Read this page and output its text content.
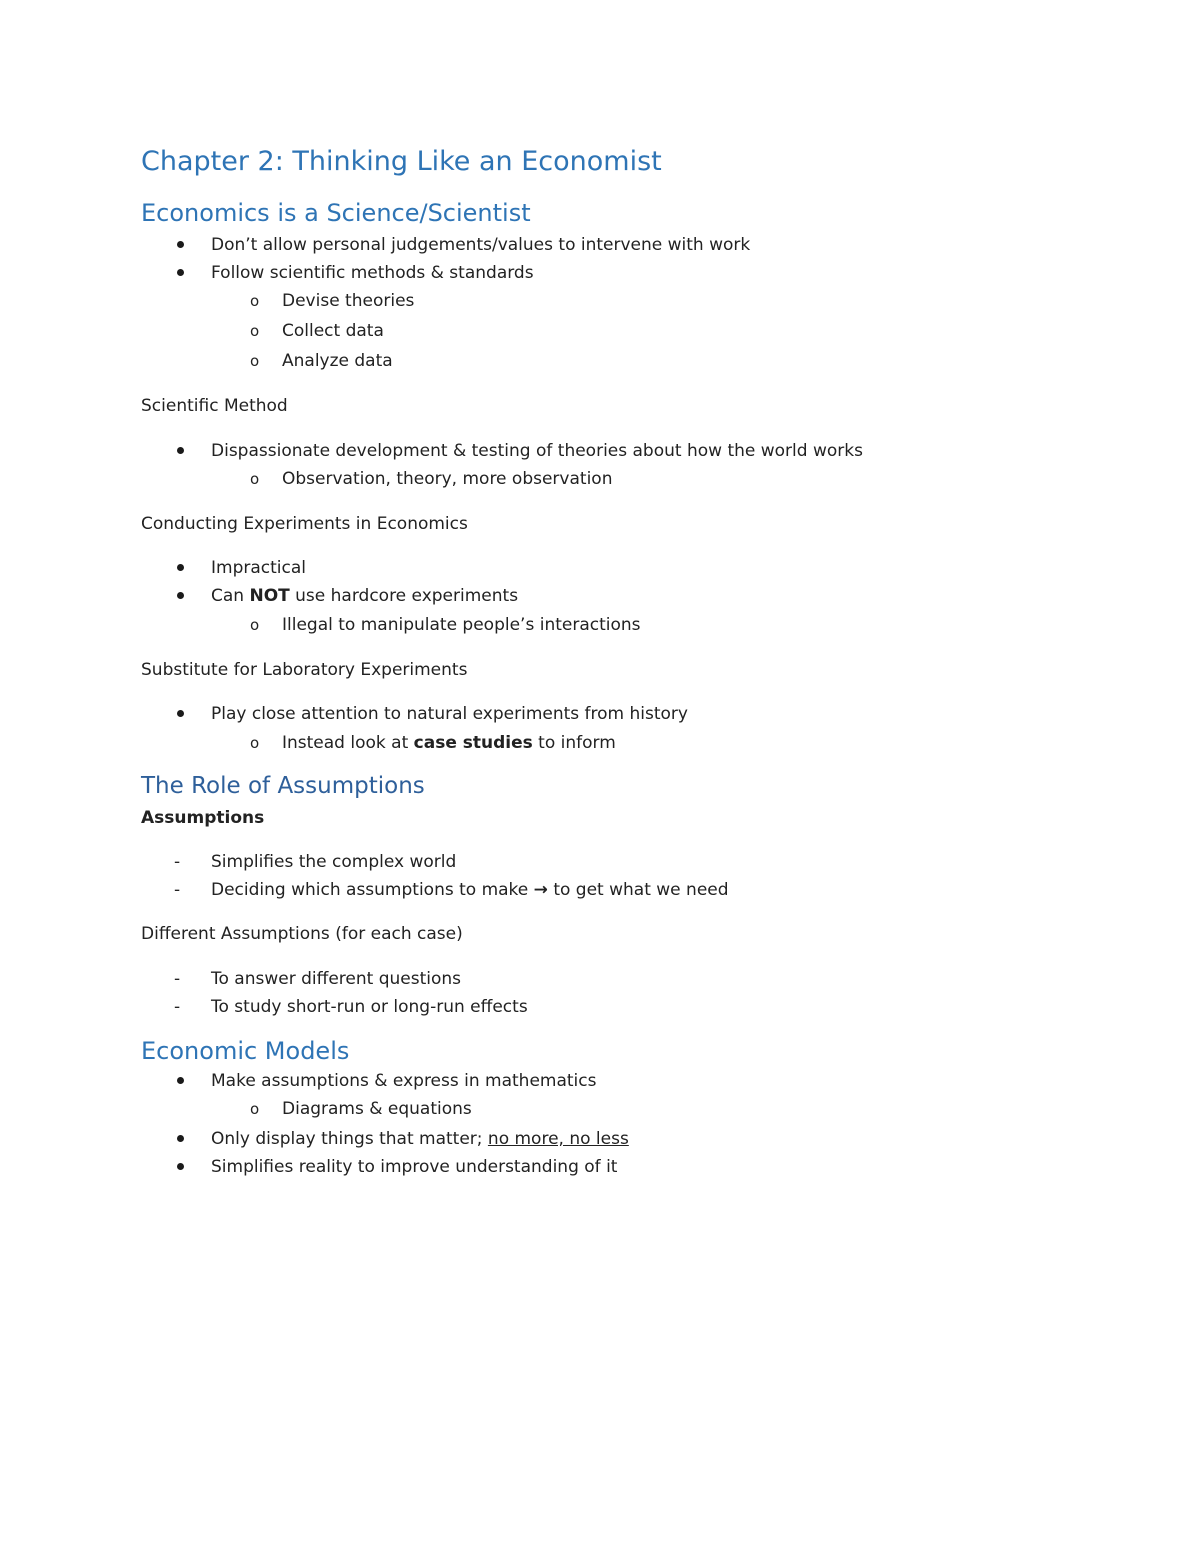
Chapter 2: Thinking Like an Economist
Economics is a Science/Scientist
Don’t allow personal judgements/values to intervene with work
Follow scientific methods & standards
o Devise theories
o Collect data
o Analyze data
Scientific Method
Dispassionate development & testing of theories about how the world works
o Observation, theory, more observation
Conducting Experiments in Economics
Impractical
Can NOT use hardcore experiments
o Illegal to manipulate people’s interactions
Substitute for Laboratory Experiments
Play close attention to natural experiments from history
o Instead look at case studies to inform
The Role of Assumptions
Assumptions
- Simplifies the complex world
- Deciding which assumptions to make → to get what we need
Different Assumptions (for each case)
- To answer different questions
- To study short-run or long-run effects
Economic Models
Make assumptions & express in mathematics
o Diagrams & equations
Only display things that matter; no more, no less
Simplifies reality to improve understanding of it
